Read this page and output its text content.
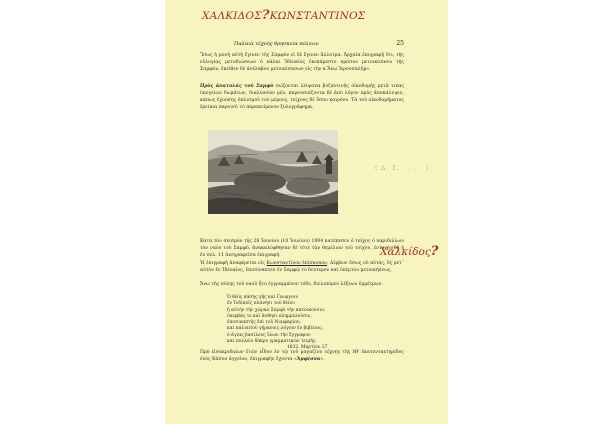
ΧΑΛΚΙΔΟΣ?ΚΩΝΣΤΑΝΤΙΝΟΣ
( Δ. Σ. . . . . )
Χαλκίδος?
Παλαιὰ τέχνης θρησκεία πόλεων	25

Ἴσως ἡ μονὴ αὐτὴ ἔγινεν τῆς Σαμφὸν εἰ δὲ ἔγινεν ἄλλοτρα. Ἀρχαῖα ἐπιγραφὴ ὅτι, τῆς εὐλογίας μετοδιώσεων ὁ πάλαι Ἰδὲοαῖος ἐκεκάμεστο πρῶτον μετοικίσασω τῆς Σαμφὸν, ἐκεῖθεν δὲ ἀνέλαβον μετοικίσασων εἰς τὴν κ Ἄνω Ἱερουσαλήμ».

Πρὸς ἀνατολάς τοῦ Σαμφὸ σώζονται λείψανα βυζαντινῆς οἰκοδομῆς μετὰ τινας ὑπογείων δωμάτων, διαλυοσῶν μὲν, παρουσιάζοντα δὲ ἀπὸ λόγον πρὸς ἀποκάλυψιν, κάπως ἐχούσης ὁπλισμοῦ τοῦ μέρους, τείχους δὲ ὅσου καιρόου. Τὰ τοῦ οἰκοδομήματος ἐρείπια παρουσὶ τὸ παρακείμενον ξυλογράφημα.

Κατὰ τὸν σεισμὸν τῆς 28 Ἰουνίου (10 Ἰουλίου) 1894 κατέπεσεν ὁ τοῖχος ὁ παριδιλλων τὸν ναὸν τοῦ Σαμφὸ, ἀνακαλύφθησαν δὲ τότε τὰν θεμέλιον τοῦ τοίχου, ἐντοιχισθῇ ἡ ἐν σελ. 11 ἀνεγραφεῖσα ἐπιγραφή.

Ἡ ἐπιγραφὴ ἀναφέρεται εἰς Κωνσταντῖνον ἐπίσκοπον, Δέρβων ὅσως οὐ αὐτὸς, ὅς μετ᾽ αὐτὸν ἐν Ἰδέοαῖος, ἐπισύναπτεν ἐν Σαμφῷ τὸ δεύτερον καὶ ὑπὲρτου μετοικήσεως.

Ἄνω τῆς πύλης τοῦ ναοῦ ἦτο ἐγγραμμένον τόδε, διελιπόμεν λέξεων ἐμμέτρων.

Ὁ θεὸς πάσης γῆς καὶ Γεωργιου
ἐν Ἰνδικοῖς πλάνησι τοῦ θεῖου
ἡ αὐτὴν τὴν χώραν Σαμφὸ τὴν κατοικούσιν,
ὑπερβὰς τε καὶ ἄνθησι πλημμελούσιν,
ἐπισυναπτῆς ἐπὶ τοῦ Νυμφαρίου,
καὶ καλυπτοῦ γήρανοις λόγιον ἐν βιβλίοις,
ὁ ἁγίας βασίλεος ὅλων τὴν ἔγγραφον
καὶ πολλῶν δάκρυ γραμματικῶν τειμῆς.
1832. Μαρτίου 27

Πρὸ εἰσακριδαίων ἐτῶν εἶδον ἐν τῷ τοῦ μαγαζίου τέχνης τῆς ΙΘ' ἑκατονταετηρίδος ἐνὸς Κάσου ἀγγεῖον, ἐπιγραφὴν ἔχοντα «Ἀμφίσσα».
